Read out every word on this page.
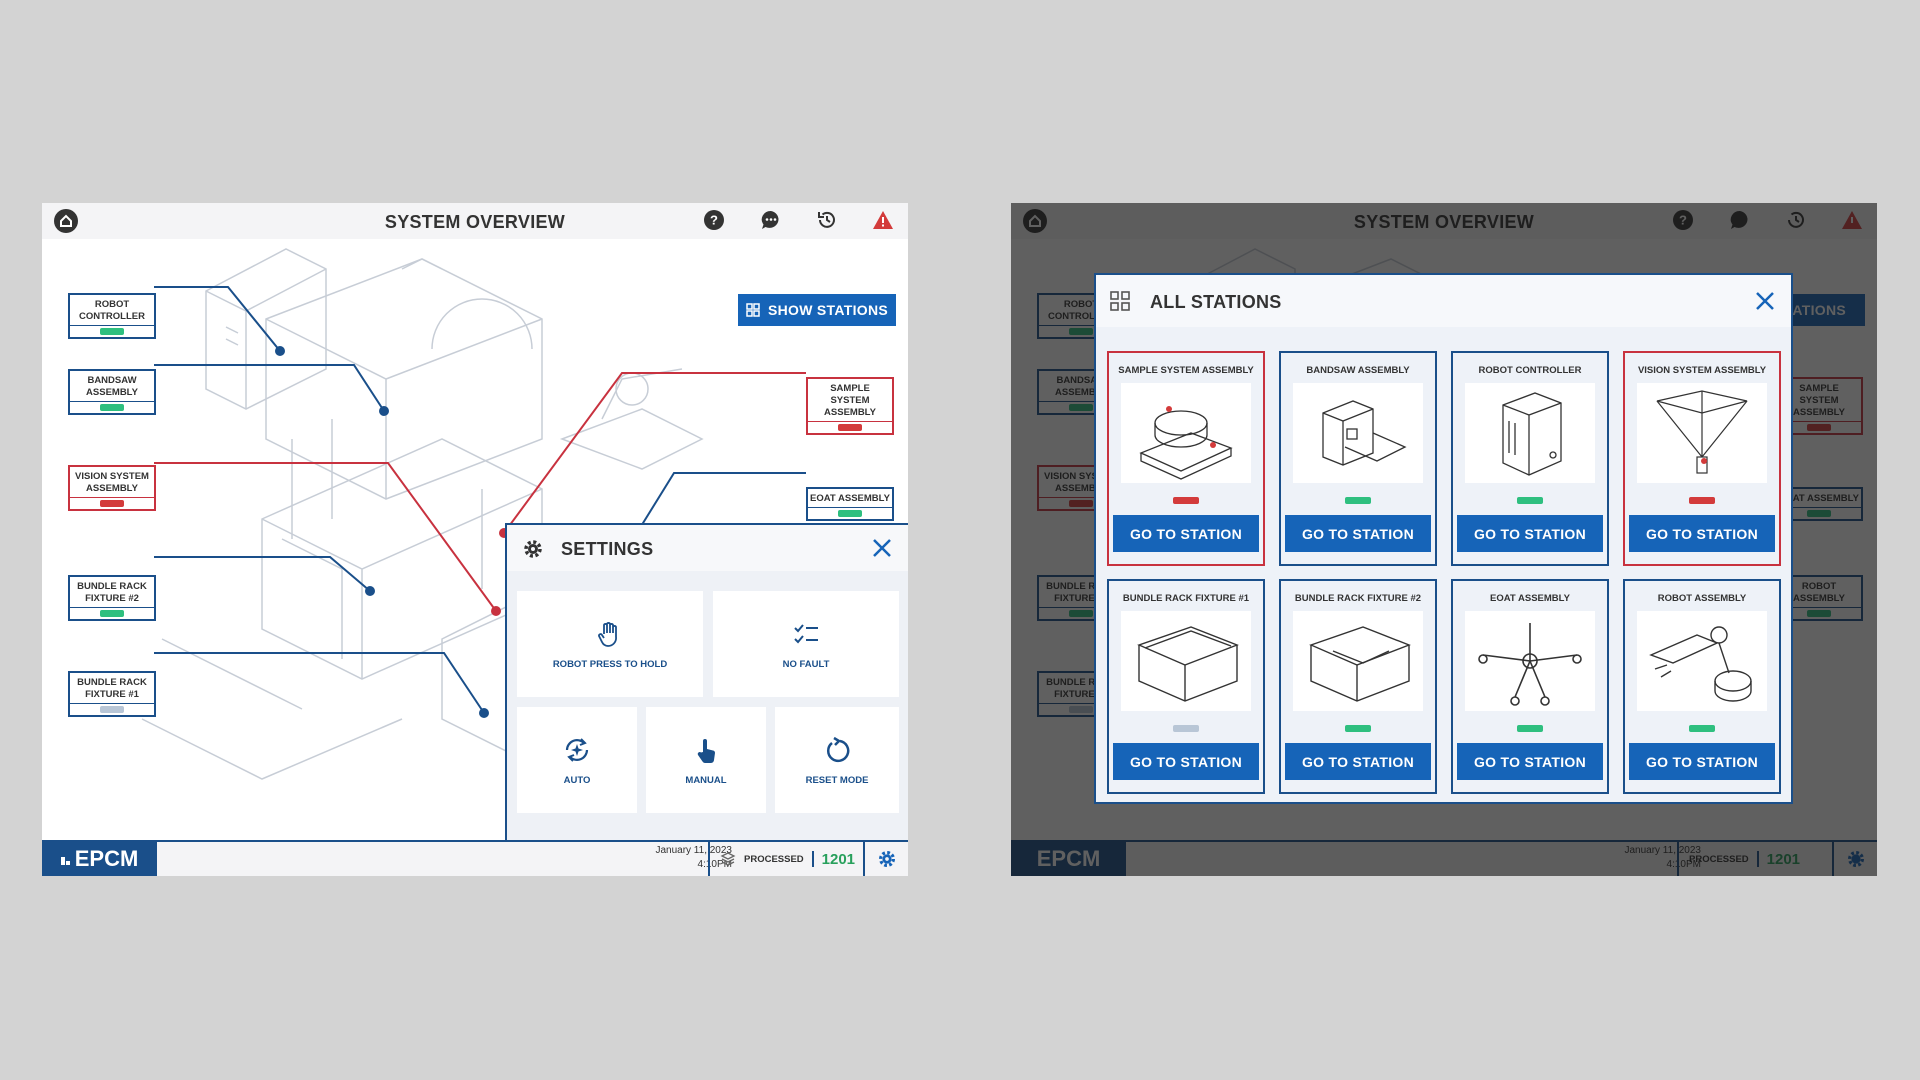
SYSTEM OVERVIEW	?
ROBOT CONTROLLER
BANDSAW ASSEMBLY
VISION SYSTEM ASSEMBLY
BUNDLE RACK FIXTURE #2
BUNDLE RACK FIXTURE #1
SAMPLE SYSTEM ASSEMBLY
EOAT ASSEMBLY
SHOW STATIONS
SETTINGS
ROBOT PRESS TO HOLD	NO FAULT
AUTO	MANUAL	RESET MODE
EPCM	January 11, 2023
4:10PM PROCESSED 1201
ALL STATIONS
SAMPLE SYSTEM ASSEMBLY
GO TO STATION
BANDSAW ASSEMBLY
GO TO STATION
ROBOT CONTROLLER
GO TO STATION
VISION SYSTEM ASSEMBLY
GO TO STATION
BUNDLE RACK FIXTURE #1
GO TO STATION
BUNDLE RACK FIXTURE #2
GO TO STATION
EOAT ASSEMBLY
GO TO STATION
ROBOT ASSEMBLY
GO TO STATION
